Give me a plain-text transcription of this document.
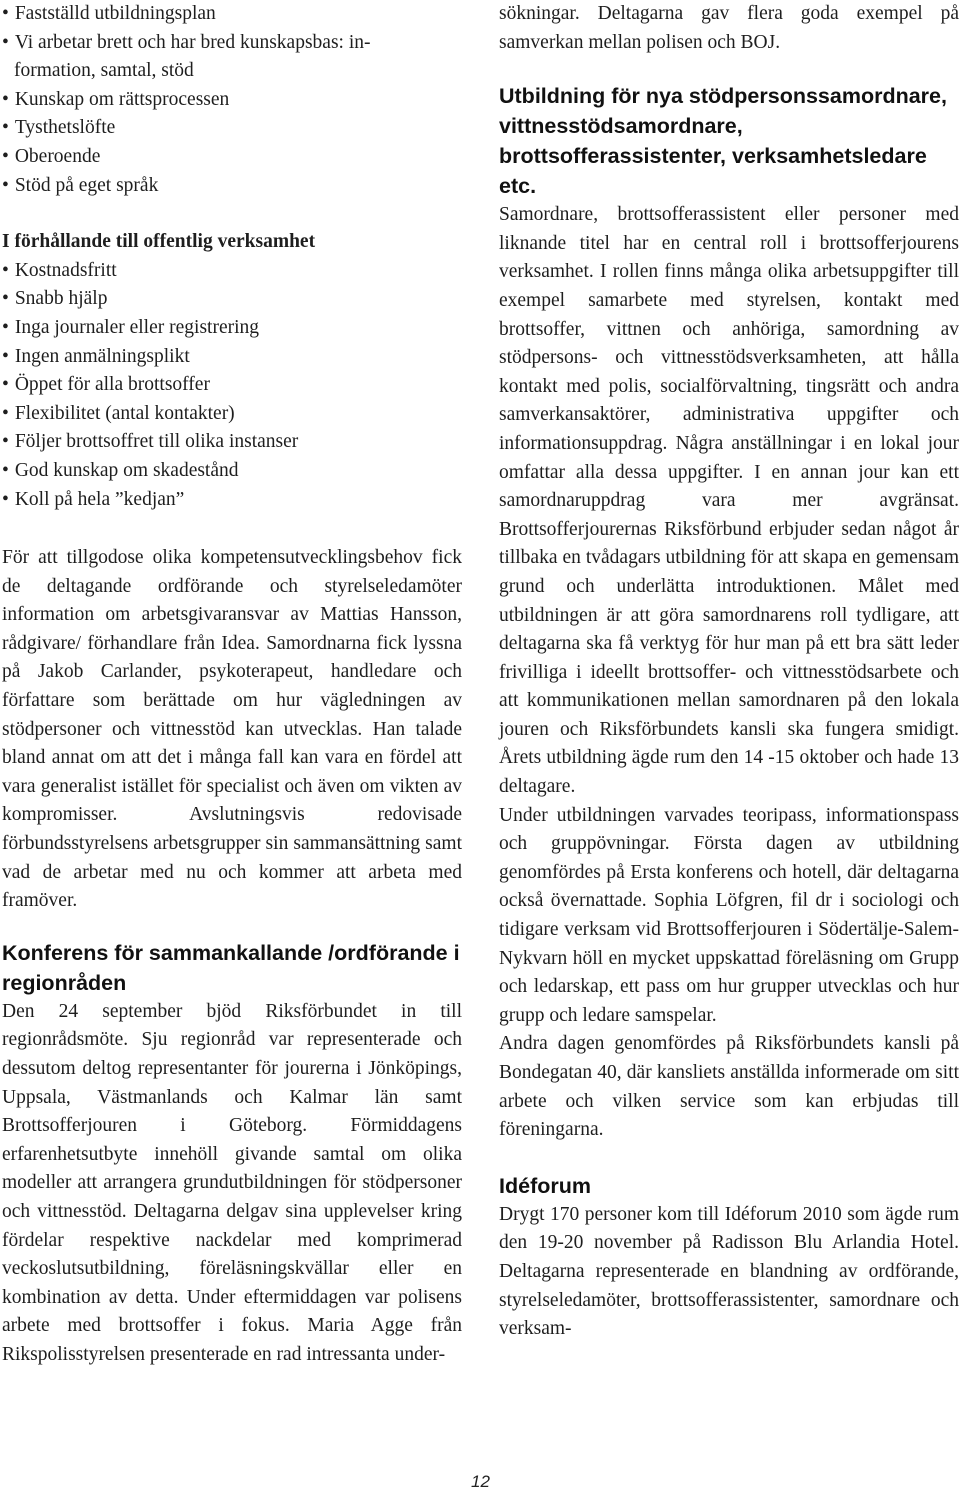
• Fastställd utbildningsplan
• Vi arbetar brett och har bred kunskapsbas: in-
formation, samtal, stöd
• Kunskap om rättsprocessen
• Tysthetslöfte
• Oberoende
• Stöd på eget språk

I förhållande till offentlig verksamhet

• Kostnadsfritt
• Snabb hjälp
• Inga journaler eller registrering
• Ingen anmälningsplikt
• Öppet för alla brottsoffer
• Flexibilitet (antal kontakter)
• Följer brottsoffret till olika instanser
• God kunskap om skadestånd
• Koll på hela ”kedjan”

För att tillgodose olika kompetensutvecklingsbehov fick de deltagande ordförande och styrelseledamöter information om arbetsgivaransvar av Mattias Hansson, rådgivare/ förhandlare från Idea. Samordnarna fick lyssna på Jakob Carlander, psykoterapeut, handledare och författare som berättade om hur vägledningen av stödpersoner och vittnesstöd kan utvecklas. Han talade bland annat om att det i många fall kan vara en fördel att vara generalist istället för specialist och även om vikten av kompromisser. Avslutningsvis redovisade förbundsstyrelsens arbetsgrupper sin sammansättning samt vad de arbetar med nu och kommer att arbeta med framöver.

Konferens för sammankallande /ordförande i regionråden

Den 24 september bjöd Riksförbundet in till regionrådsmöte. Sju regionråd var representerade och dessutom deltog representanter för jourerna i Jönköpings, Uppsala, Västmanlands och Kalmar län samt Brottsofferjouren i Göteborg. Förmiddagens erfarenhetsutbyte innehöll givande samtal om olika modeller att arrangera grundutbildningen för stödpersoner och vittnesstöd. Deltagarna delgav sina upplevelser kring fördelar respektive nackdelar med komprimerad veckoslutsutbildning, föreläsningskvällar eller en kombination av detta. Under eftermiddagen var polisens arbete med brottsoffer i fokus. Maria Agge från Rikspolisstyrelsen presenterade en rad intressanta under-

sökningar. Deltagarna gav flera goda exempel på samverkan mellan polisen och BOJ.

Utbildning för nya stödpersonssamordnare, vittnesstödsamordnare, brottsofferassistenter, verksamhetsledare etc.

Samordnare, brottsofferassistent eller personer med liknande titel har en central roll i brottsofferjourens verksamhet. I rollen finns många olika arbetsuppgifter till exempel samarbete med styrelsen, kontakt med brottsoffer, vittnen och anhöriga, samordning av stödpersons- och vittnesstödsverksamheten, att hålla kontakt med polis, socialförvaltning, tingsrätt och andra samverkansaktörer, administrativa uppgifter och informationsuppdrag. Några anställningar i en lokal jour omfattar alla dessa uppgifter. I en annan jour kan ett samordnaruppdrag vara mer avgränsat. Brottsofferjourernas Riksförbund erbjuder sedan något år tillbaka en tvådagars utbildning för att skapa en gemensam grund och underlätta introduktionen. Målet med utbildningen är att göra samordnarens roll tydligare, att deltagarna ska få verktyg för hur man på ett bra sätt leder frivilliga i ideellt brottsoffer- och vittnesstödsarbete och att kommunikationen mellan samordnaren på den lokala jouren och Riksförbundets kansli ska fungera smidigt. Årets utbildning ägde rum den 14 -15 oktober och hade 13 deltagare.

Under utbildningen varvades teoripass, informationspass och gruppövningar. Första dagen av utbildning genomfördes på Ersta konferens och hotell, där deltagarna också övernattade. Sophia Löfgren, fil dr i sociologi och tidigare verksam vid Brottsofferjouren i Södertälje-Salem-Nykvarn höll en mycket uppskattad föreläsning om Grupp och ledarskap, ett pass om hur grupper utvecklas och hur grupp och ledare samspelar.

Andra dagen genomfördes på Riksförbundets kansli på Bondegatan 40, där kansliets anställda informerade om sitt arbete och vilken service som kan erbjudas till föreningarna.

Idéforum

Drygt 170 personer kom till Idéforum 2010 som ägde rum den 19-20 november på Radisson Blu Arlandia Hotel. Deltagarna representerade en blandning av ordförande, styrelseledamöter, brottsofferassistenter, samordnare och verksam-

12
